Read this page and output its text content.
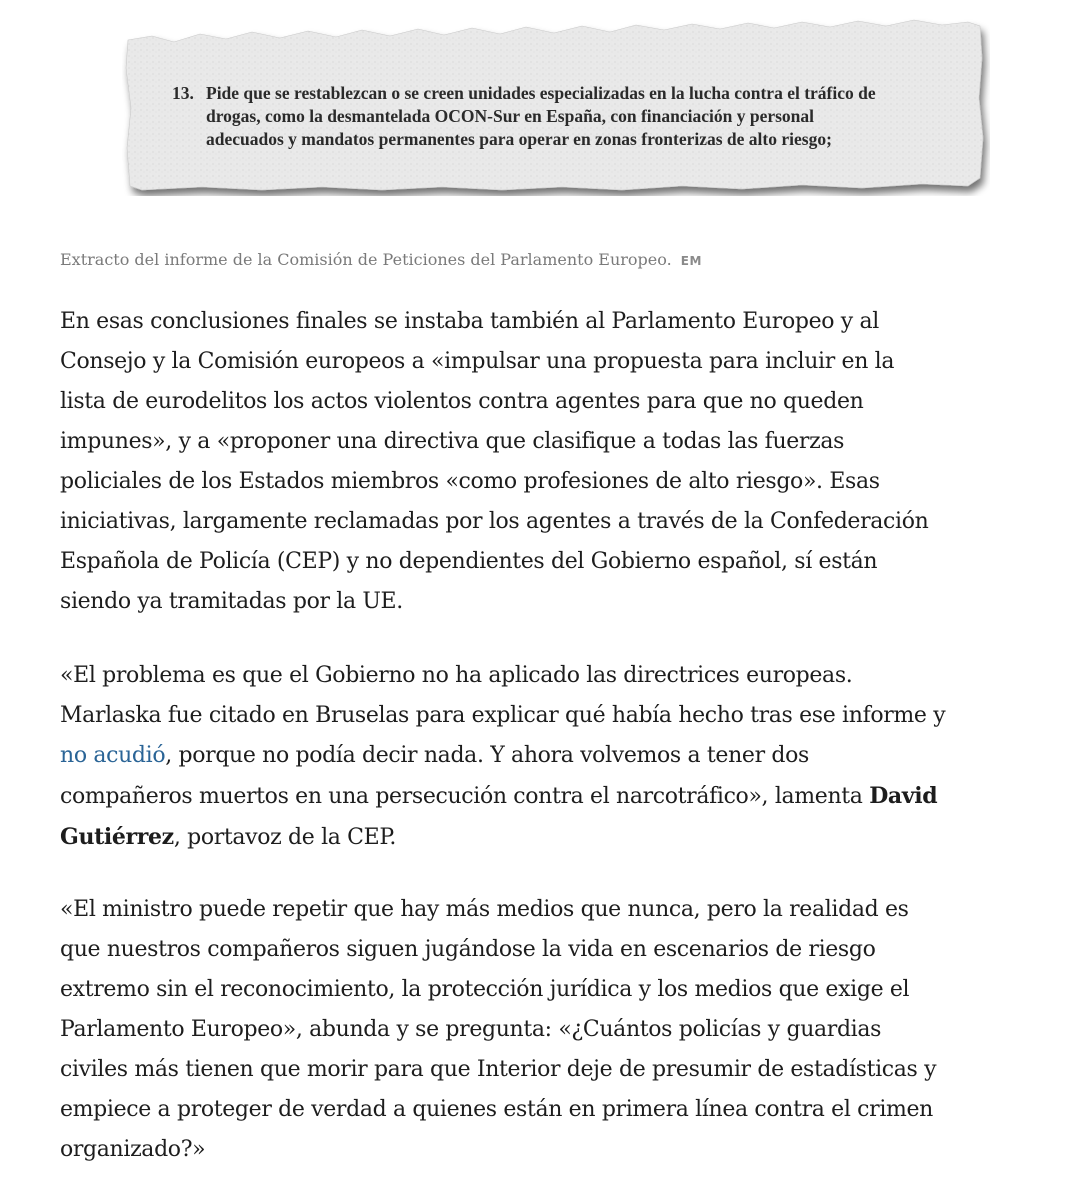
13. Pide que se restablezcan o se creen unidades especializadas en la lucha contra el tráfico de
drogas, como la desmantelada OCON-Sur en España, con financiación y personal
adecuados y mandatos permanentes para operar en zonas fronterizas de alto riesgo;
Extracto del informe de la Comisión de Peticiones del Parlamento Europeo. EM

En esas conclusiones finales se instaba también al Parlamento Europeo y al
Consejo y la Comisión europeos a «impulsar una propuesta para incluir en la
lista de eurodelitos los actos violentos contra agentes para que no queden
impunes», y a «proponer una directiva que clasifique a todas las fuerzas
policiales de los Estados miembros «como profesiones de alto riesgo». Esas
iniciativas, largamente reclamadas por los agentes a través de la Confederación
Española de Policía (CEP) y no dependientes del Gobierno español, sí están
siendo ya tramitadas por la UE.

«El problema es que el Gobierno no ha aplicado las directrices europeas.
Marlaska fue citado en Bruselas para explicar qué había hecho tras ese informe y
no acudió, porque no podía decir nada. Y ahora volvemos a tener dos
compañeros muertos en una persecución contra el narcotráfico», lamenta David
Gutiérrez, portavoz de la CEP.

«El ministro puede repetir que hay más medios que nunca, pero la realidad es
que nuestros compañeros siguen jugándose la vida en escenarios de riesgo
extremo sin el reconocimiento, la protección jurídica y los medios que exige el
Parlamento Europeo», abunda y se pregunta: «¿Cuántos policías y guardias
civiles más tienen que morir para que Interior deje de presumir de estadísticas y
empiece a proteger de verdad a quienes están en primera línea contra el crimen
organizado?»
